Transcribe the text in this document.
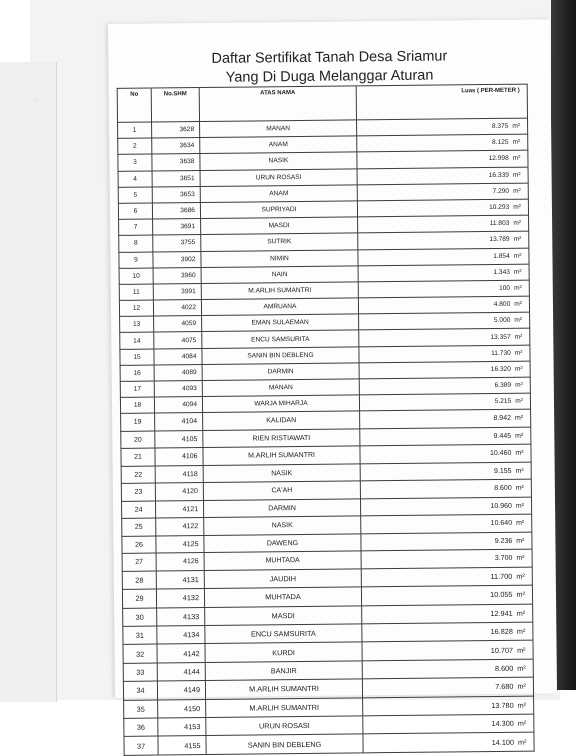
·
Daftar Sertifikat Tanah Desa Sriamur
Yang Di Duga Melanggar Aturan
No	No.SHM	ATAS NAMA	Luas ( PER-METER )
1	3628	MANAN	8.375 m²
2	3634	ANAM	8.125 m²
3	3638	NASIK	12.998 m²
4	3651	URUN ROSASI	16.339 m²
5	3653	ANAM	7.290 m²
6	3686	SUPRIYADI	10.293 m²
7	3691	MASDI	11.803 m²
8	3755	SUTRIK	13.789 m²
9	3902	NIMIN	1.854 m²
10	3960	NAIN	1.343 m²
11	3991	M.ARLIH SUMANTRI	100 m²
12	4022	AMRUANA	4.800 m²
13	4059	EMAN SULAEMAN	5.000 m²
14	4075	ENCU SAMSURITA	13.357 m²
15	4084	SANIN BIN DEBLENG	11.730 m²
16	4089	DARMIN	16.320 m²
17	4093	MANAN	6.389 m²
18	4094	WARJA MIHARJA	5.215 m²
19	4104	KALIDAN	8.942 m²
20	4105	RIEN RISTIAWATI	9.445 m²
21	4106	M.ARLIH SUMANTRI	10.460 m²
22	4118	NASIK	9.155 m²
23	4120	CA'AH	8.600 m²
24	4121	DARMIN	10.960 m²
25	4122	NASIK	10.640 m²
26	4125	DAWENG	9.236 m²
27	4126	MUHTADA	3.700 m²
28	4131	JAUDIH	11.700 m²
29	4132	MUHTADA	10.055 m²
30	4133	MASDI	12.941 m²
31	4134	ENCU SAMSURITA	16.828 m²
32	4142	KURDI	10.707 m²
33	4144	BANJIR	8.600 m²
34	4149	M.ARLIH SUMANTRI	7.680 m²
35	4150	M.ARLIH SUMANTRI	13.780 m²
36	4153	URUN ROSASI	14.300 m²
37	4155	SANIN BIN DEBLENG	14.100 m²
